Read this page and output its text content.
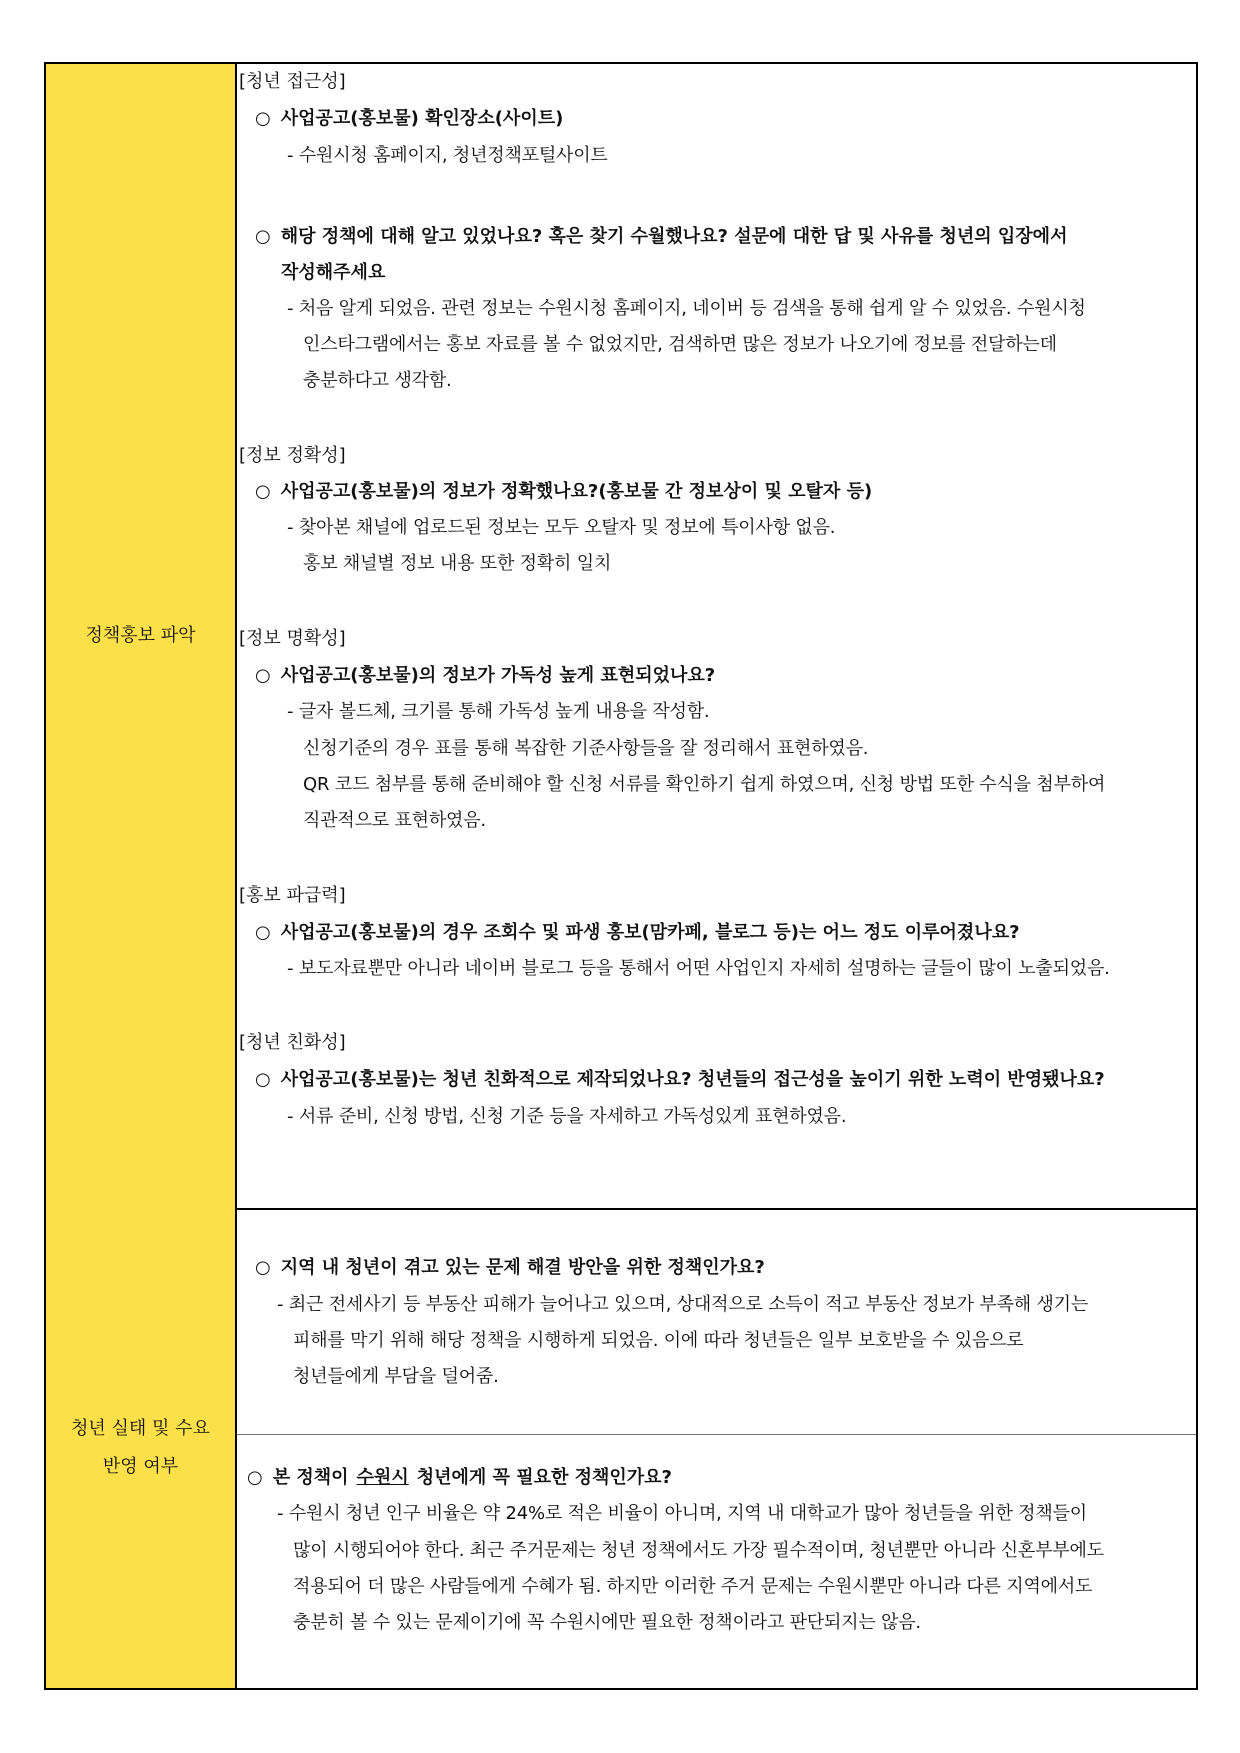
정책홍보 파악
[청년 접근성]
○ 사업공고(홍보물) 확인장소(사이트)
- 수원시청 홈페이지, 청년정책포털사이트
○ 해당 정책에 대해 알고 있었나요? 혹은 찾기 수월했나요? 설문에 대한 답 및 사유를 청년의 입장에서
작성해주세요
- 처음 알게 되었음. 관련 정보는 수원시청 홈페이지, 네이버 등 검색을 통해 쉽게 알 수 있었음. 수원시청
인스타그램에서는 홍보 자료를 볼 수 없었지만, 검색하면 많은 정보가 나오기에 정보를 전달하는데
충분하다고 생각함.
[정보 정확성]
○ 사업공고(홍보물)의 정보가 정확했나요?(홍보물 간 정보상이 및 오탈자 등)
- 찾아본 채널에 업로드된 정보는 모두 오탈자 및 정보에 특이사항 없음.
홍보 채널별 정보 내용 또한 정확히 일치
[정보 명확성]
○ 사업공고(홍보물)의 정보가 가독성 높게 표현되었나요?
- 글자 볼드체, 크기를 통해 가독성 높게 내용을 작성함.
신청기준의 경우 표를 통해 복잡한 기준사항들을 잘 정리해서 표현하였음.
QR 코드 첨부를 통해 준비해야 할 신청 서류를 확인하기 쉽게 하였으며, 신청 방법 또한 수식을 첨부하여
직관적으로 표현하였음.
[홍보 파급력]
○ 사업공고(홍보물)의 경우 조회수 및 파생 홍보(맘카페, 블로그 등)는 어느 정도 이루어졌나요?
- 보도자료뿐만 아니라 네이버 블로그 등을 통해서 어떤 사업인지 자세히 설명하는 글들이 많이 노출되었음.
[청년 친화성]
○ 사업공고(홍보물)는 청년 친화적으로 제작되었나요? 청년들의 접근성을 높이기 위한 노력이 반영됐나요?
- 서류 준비, 신청 방법, 신청 기준 등을 자세하고 가독성있게 표현하였음.
청년 실태 및 수요
반영 여부
○ 지역 내 청년이 겪고 있는 문제 해결 방안을 위한 정책인가요?
- 최근 전세사기 등 부동산 피해가 늘어나고 있으며, 상대적으로 소득이 적고 부동산 정보가 부족해 생기는
피해를 막기 위해 해당 정책을 시행하게 되었음. 이에 따라 청년들은 일부 보호받을 수 있음으로
청년들에게 부담을 덜어줌.
○ 본 정책이 수원시 청년에게 꼭 필요한 정책인가요?
- 수원시 청년 인구 비율은 약 24%로 적은 비율이 아니며, 지역 내 대학교가 많아 청년들을 위한 정책들이
많이 시행되어야 한다. 최근 주거문제는 청년 정책에서도 가장 필수적이며, 청년뿐만 아니라 신혼부부에도
적용되어 더 많은 사람들에게 수혜가 됨. 하지만 이러한 주거 문제는 수원시뿐만 아니라 다른 지역에서도
충분히 볼 수 있는 문제이기에 꼭 수원시에만 필요한 정책이라고 판단되지는 않음.
